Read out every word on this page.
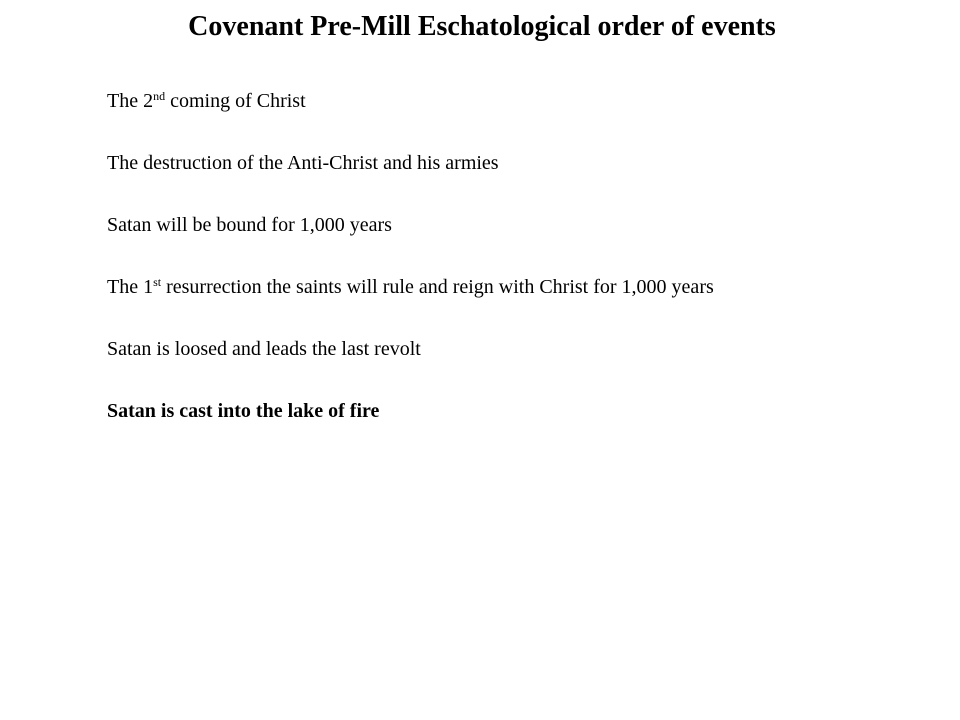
Covenant Pre-Mill Eschatological order of events
The 2nd coming of Christ
The destruction of the Anti-Christ and his armies
Satan will be bound for 1,000 years
The 1st resurrection the saints will rule and reign with Christ for 1,000 years
Satan is loosed and leads the last revolt
Satan is cast into the lake of fire
